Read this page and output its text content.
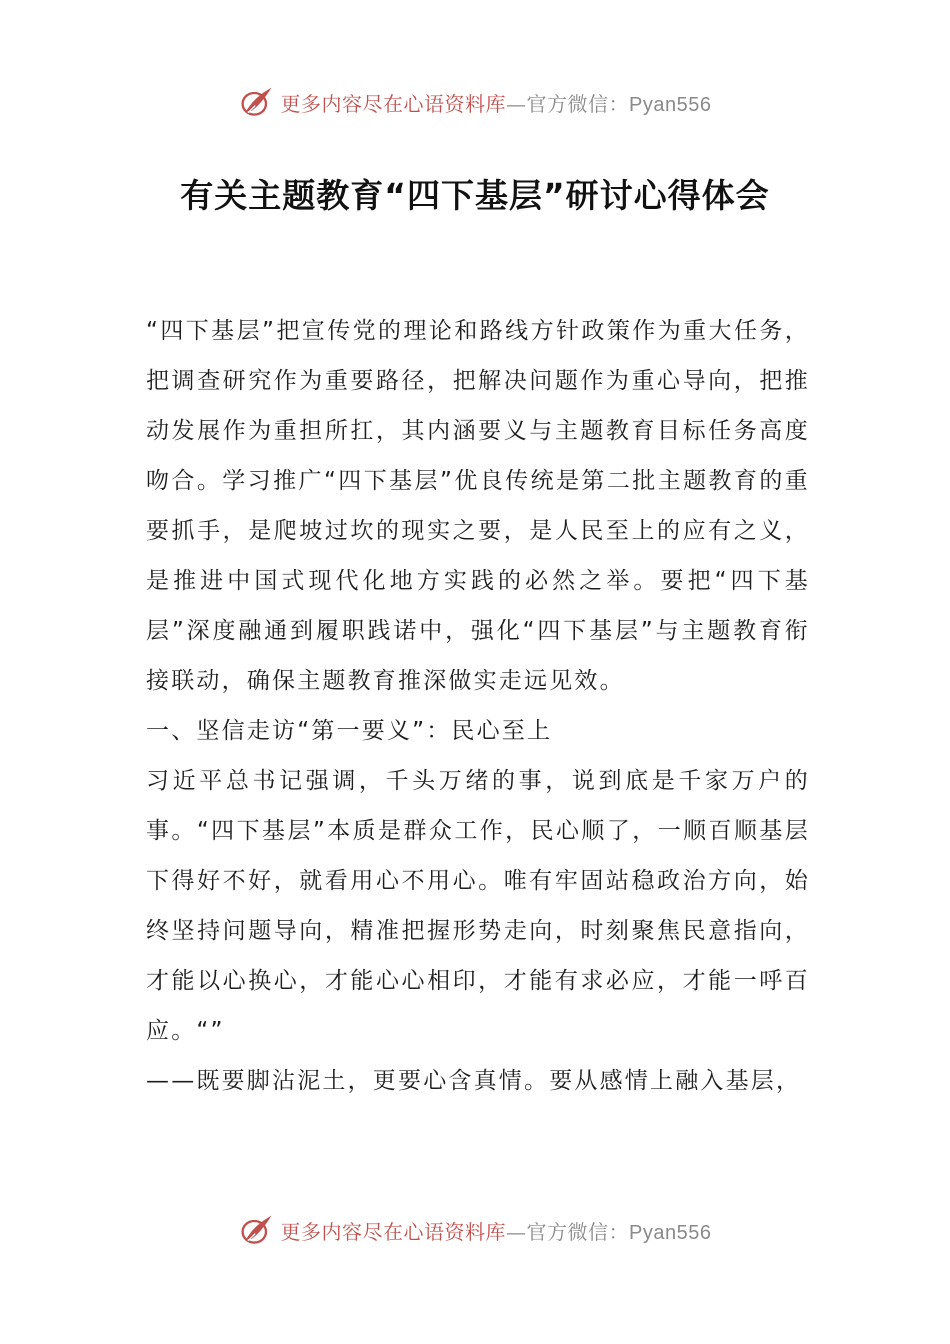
更多内容尽在心语资料库—官方微信：Pyan556
有关主题教育“四下基层”研讨心得体会

“四下基层”把宣传党的理论和路线方针政策作为重大任务，把调查研究作为重要路径，把解决问题作为重心导向，把推动发展作为重担所扛，其内涵要义与主题教育目标任务高度吻合。学习推广“四下基层”优良传统是第二批主题教育的重要抓手，是爬坡过坎的现实之要，是人民至上的应有之义，是推进中国式现代化地方实践的必然之举。要把“四下基层”深度融通到履职践诺中，强化“四下基层”与主题教育衔接联动，确保主题教育推深做实走远见效。

一、坚信走访“第一要义”：民心至上

习近平总书记强调，千头万绪的事，说到底是千家万户的事。“四下基层”本质是群众工作，民心顺了，一顺百顺基层下得好不好，就看用心不用心。唯有牢固站稳政治方向，始终坚持问题导向，精准把握形势走向，时刻聚焦民意指向，才能以心换心，才能心心相印，才能有求必应，才能一呼百应。“”

——既要脚沾泥土，更要心含真情。要从感情上融入基层，

更多内容尽在心语资料库—官方微信：Pyan556
